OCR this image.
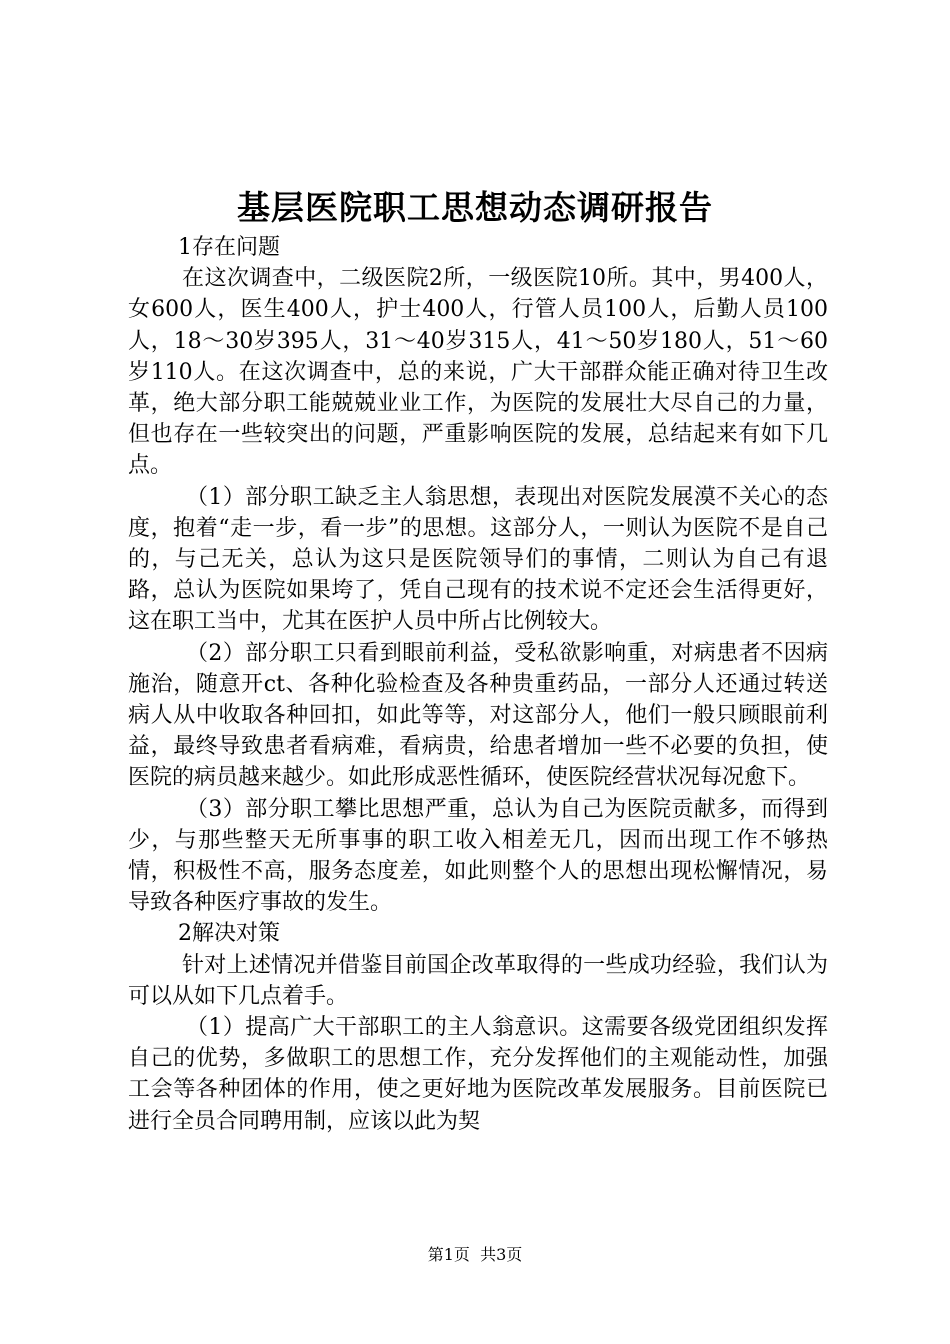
基层医院职工思想动态调研报告

1存在问题

在这次调查中，二级医院2所，一级医院10所。其中，男400人，女600人，医生400人，护士400人，行管人员100人，后勤人员100人，18～30岁395人，31～40岁315人，41～50岁180人，51～60岁110人。在这次调查中，总的来说，广大干部群众能正确对待卫生改革，绝大部分职工能兢兢业业工作，为医院的发展壮大尽自己的力量，但也存在一些较突出的问题，严重影响医院的发展，总结起来有如下几点。

（1）部分职工缺乏主人翁思想，表现出对医院发展漠不关心的态度，抱着“走一步，看一步”的思想。这部分人，一则认为医院不是自己的，与己无关，总认为这只是医院领导们的事情，二则认为自己有退路，总认为医院如果垮了，凭自己现有的技术说不定还会生活得更好，这在职工当中，尤其在医护人员中所占比例较大。

（2）部分职工只看到眼前利益，受私欲影响重，对病患者不因病施治，随意开ct、各种化验检查及各种贵重药品，一部分人还通过转送病人从中收取各种回扣，如此等等，对这部分人，他们一般只顾眼前利益，最终导致患者看病难，看病贵，给患者增加一些不必要的负担，使医院的病员越来越少。如此形成恶性循环，使医院经营状况每况愈下。

（3）部分职工攀比思想严重，总认为自己为医院贡献多，而得到少，与那些整天无所事事的职工收入相差无几，因而出现工作不够热情，积极性不高，服务态度差，如此则整个人的思想出现松懈情况，易导致各种医疗事故的发生。

2解决对策

针对上述情况并借鉴目前国企改革取得的一些成功经验，我们认为可以从如下几点着手。

（1）提高广大干部职工的主人翁意识。这需要各级党团组织发挥自己的优势，多做职工的思想工作，充分发挥他们的主观能动性，加强工会等各种团体的作用，使之更好地为医院改革发展服务。目前医院已进行全员合同聘用制，应该以此为契

第1页 共3页
